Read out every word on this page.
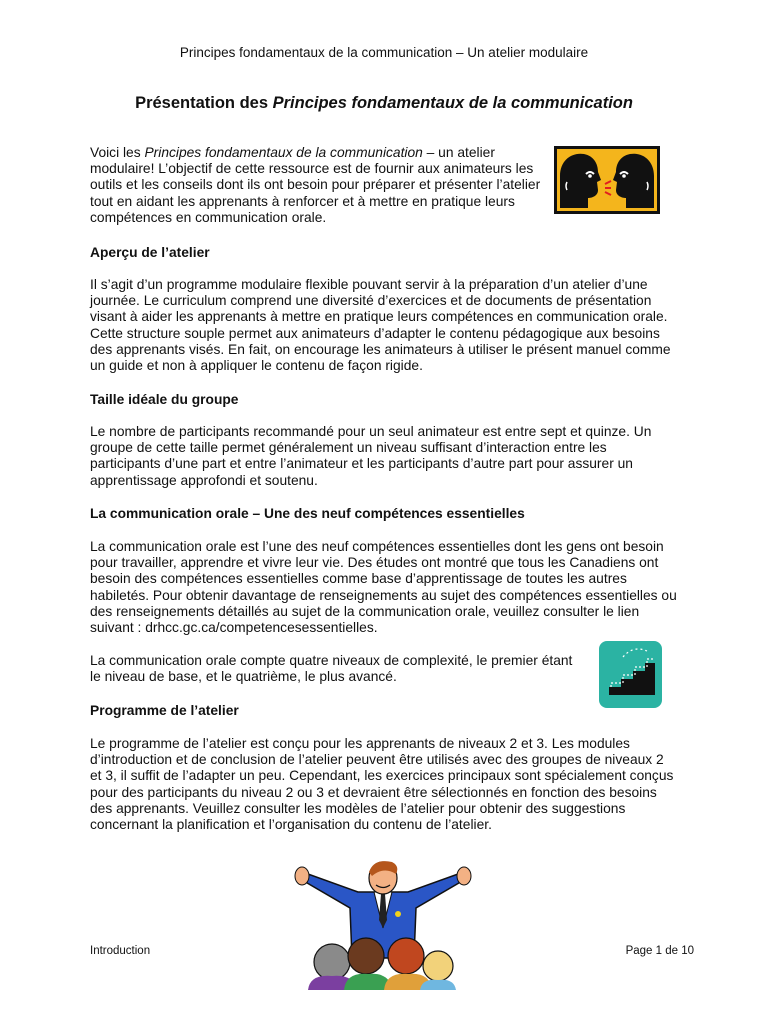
Principes fondamentaux de la communication – Un atelier modulaire
Présentation des Principes fondamentaux de la communication
Voici les Principes fondamentaux de la communication – un atelier
modulaire! L’objectif de cette ressource est de fournir aux animateurs les
outils et les conseils dont ils ont besoin pour préparer et présenter l’atelier
tout en aidant les apprenants à renforcer et à mettre en pratique leurs
compétences en communication orale.
Aperçu de l’atelier
Il s’agit d’un programme modulaire flexible pouvant servir à la préparation d’un atelier d’une
journée. Le curriculum comprend une diversité d’exercices et de documents de présentation
visant à aider les apprenants à mettre en pratique leurs compétences en communication orale.
Cette structure souple permet aux animateurs d’adapter le contenu pédagogique aux besoins
des apprenants visés. En fait, on encourage les animateurs à utiliser le présent manuel comme
un guide et non à appliquer le contenu de façon rigide.
Taille idéale du groupe
Le nombre de participants recommandé pour un seul animateur est entre sept et quinze. Un
groupe de cette taille permet généralement un niveau suffisant d’interaction entre les
participants d’une part et entre l’animateur et les participants d’autre part pour assurer un
apprentissage approfondi et soutenu.
La communication orale – Une des neuf compétences essentielles
La communication orale est l’une des neuf compétences essentielles dont les gens ont besoin
pour travailler, apprendre et vivre leur vie. Des études ont montré que tous les Canadiens ont
besoin des compétences essentielles comme base d’apprentissage de toutes les autres
habiletés. Pour obtenir davantage de renseignements au sujet des compétences essentielles ou
des renseignements détaillés au sujet de la communication orale, veuillez consulter le lien
suivant : drhcc.gc.ca/competencesessentielles.
La communication orale compte quatre niveaux de complexité, le premier étant
le niveau de base, et le quatrième, le plus avancé.
Programme de l’atelier
Le programme de l’atelier est conçu pour les apprenants de niveaux 2 et 3. Les modules
d’introduction et de conclusion de l’atelier peuvent être utilisés avec des groupes de niveaux 2
et 3, il suffit de l’adapter un peu. Cependant, les exercices principaux sont spécialement conçus
pour des participants du niveau 2 ou 3 et devraient être sélectionnés en fonction des besoins
des apprenants. Veuillez consulter les modèles de l’atelier pour obtenir des suggestions
concernant la planification et l’organisation du contenu de l’atelier.
Introduction	Page 1 de 10
